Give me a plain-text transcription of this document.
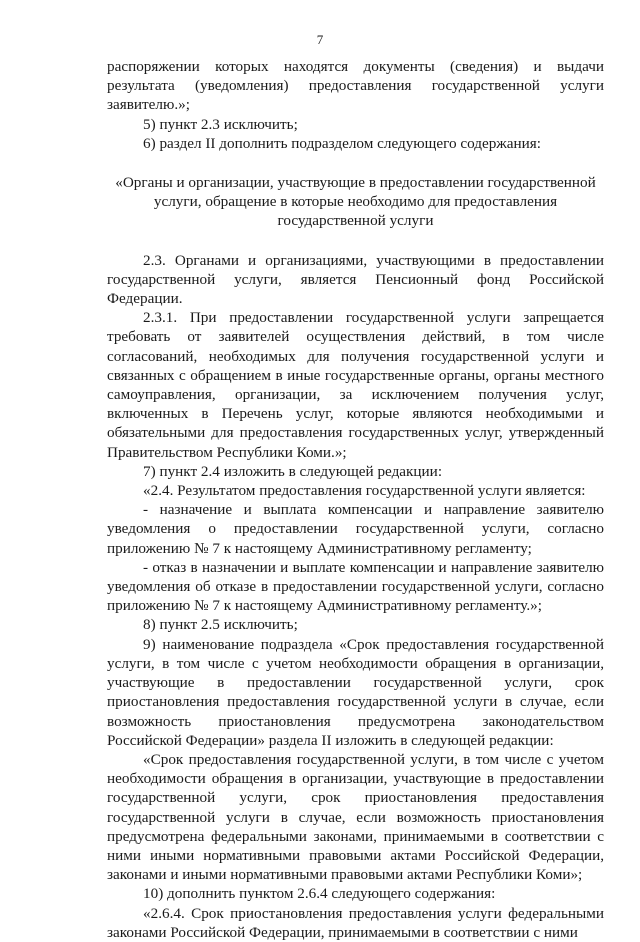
7

распоряжении которых находятся документы (сведения) и выдачи результата (уведомления) предоставления государственной услуги заявителю.»;

5) пункт 2.3 исключить;

6) раздел II дополнить подразделом следующего содержания:

«Органы и организации, участвующие в предоставлении государственной услуги, обращение в которые необходимо для предоставления государственной услуги

2.3. Органами и организациями, участвующими в предоставлении государственной услуги, является Пенсионный фонд Российской Федерации.

2.3.1. При предоставлении государственной услуги запрещается требовать от заявителей осуществления действий, в том числе согласований, необходимых для получения государственной услуги и связанных с обращением в иные государственные органы, органы местного самоуправления, организации, за исключением получения услуг, включенных в Перечень услуг, которые являются необходимыми и обязательными для предоставления государственных услуг, утвержденный Правительством Республики Коми.»;

7) пункт 2.4 изложить в следующей редакции:

«2.4. Результатом предоставления государственной услуги является:

- назначение и выплата компенсации и направление заявителю уведомления о предоставлении государственной услуги, согласно приложению № 7 к настоящему Административному регламенту;

- отказ в назначении и выплате компенсации и направление заявителю уведомления об отказе в предоставлении государственной услуги, согласно приложению № 7 к настоящему Административному регламенту.»;

8) пункт 2.5 исключить;

9) наименование подраздела «Срок предоставления государственной услуги, в том числе с учетом необходимости обращения в организации, участвующие в предоставлении государственной услуги, срок приостановления предоставления государственной услуги в случае, если возможность приостановления предусмотрена законодательством Российской Федерации» раздела II изложить в следующей редакции:

«Срок предоставления государственной услуги, в том числе с учетом необходимости обращения в организации, участвующие в предоставлении государственной услуги, срок приостановления предоставления государственной услуги в случае, если возможность приостановления предусмотрена федеральными законами, принимаемыми в соответствии с ними иными нормативными правовыми актами Российской Федерации, законами и иными нормативными правовыми актами Республики Коми»;

10) дополнить пунктом 2.6.4 следующего содержания:

«2.6.4. Срок приостановления предоставления услуги федеральными законами Российской Федерации, принимаемыми в соответствии с ними
